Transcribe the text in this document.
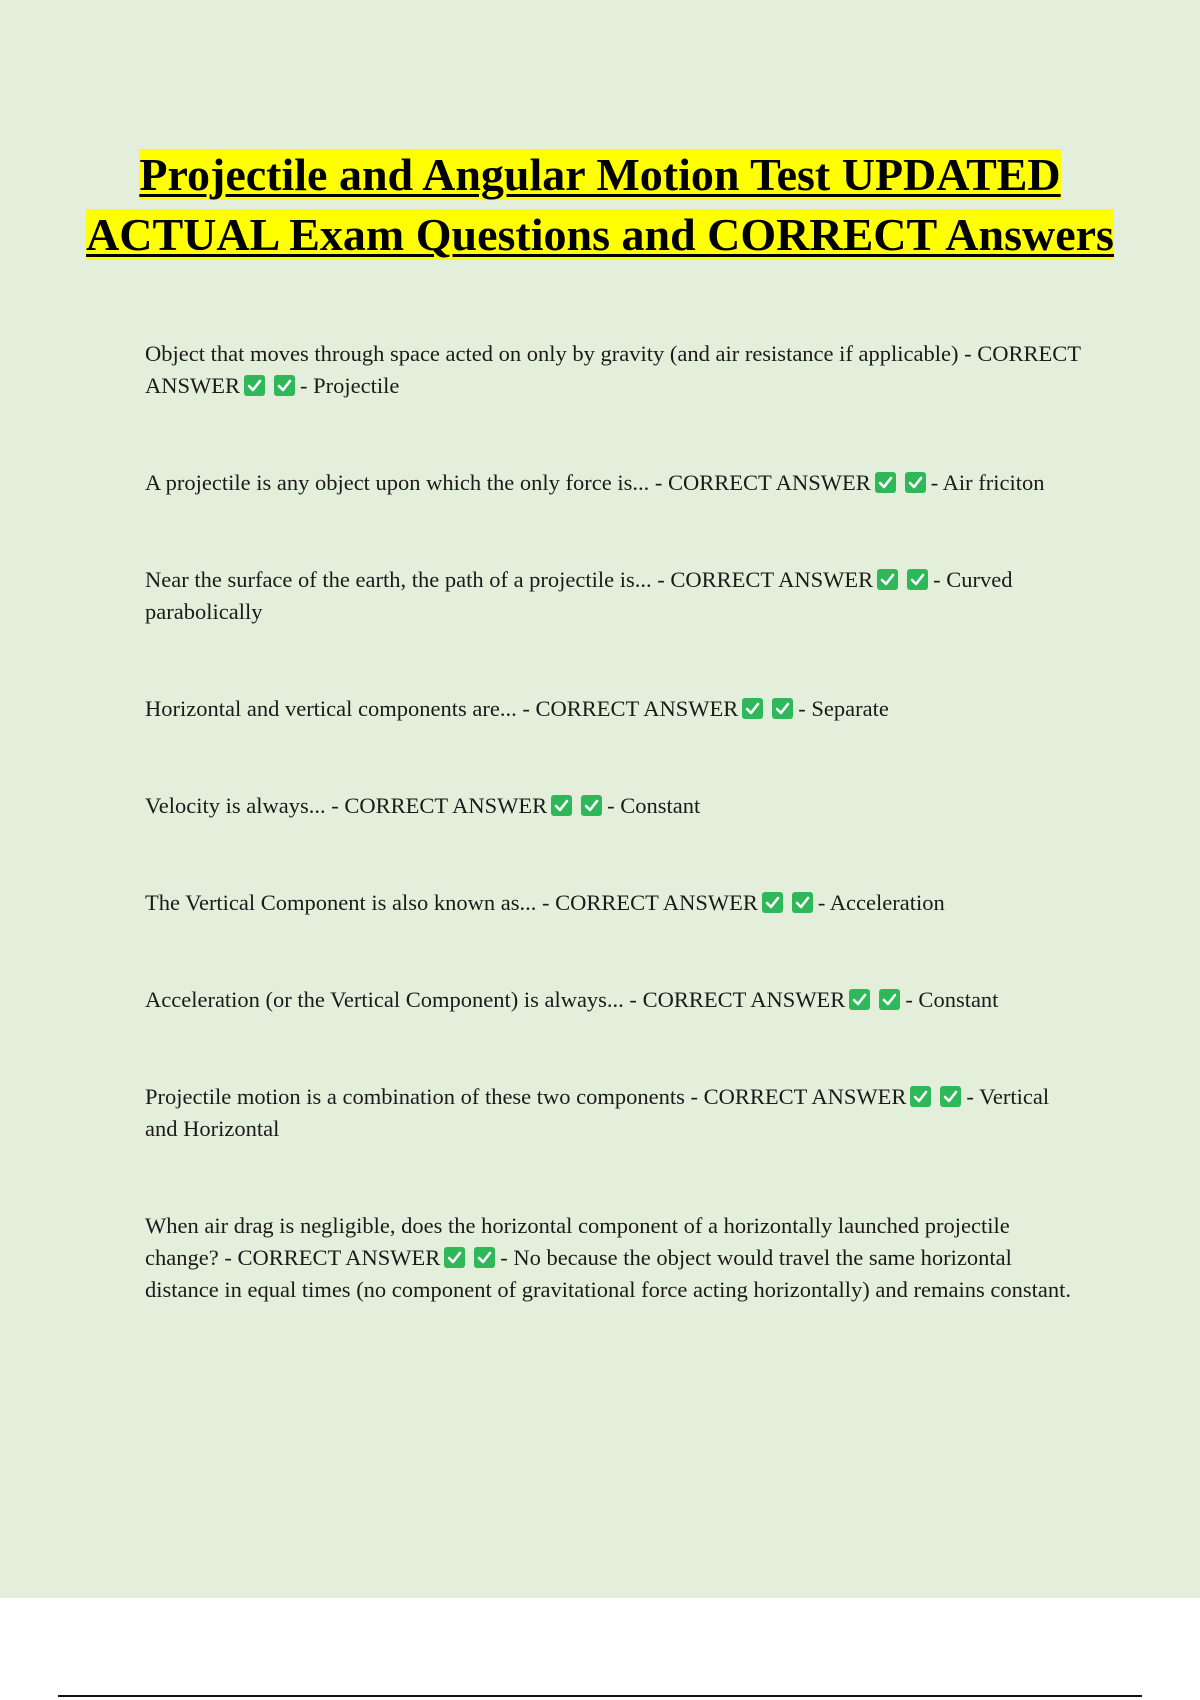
Projectile and Angular Motion Test UPDATED ACTUAL Exam Questions and CORRECT Answers

Object that moves through space acted on only by gravity (and air resistance if applicable) - CORRECT ANSWER	- Projectile

A projectile is any object upon which the only force is... - CORRECT ANSWER	- Air friciton

Near the surface of the earth, the path of a projectile is... - CORRECT ANSWER	- Curved parabolically

Horizontal and vertical components are... - CORRECT ANSWER	- Separate

Velocity is always... - CORRECT ANSWER	- Constant

The Vertical Component is also known as... - CORRECT ANSWER	- Acceleration

Acceleration (or the Vertical Component) is always... - CORRECT ANSWER	- Constant

Projectile motion is a combination of these two components - CORRECT ANSWER	- Vertical and Horizontal

When air drag is negligible, does the horizontal component of a horizontally launched projectile change? - CORRECT ANSWER	- No because the object would travel the same horizontal distance in equal times (no component of gravitational force acting horizontally) and remains constant.
